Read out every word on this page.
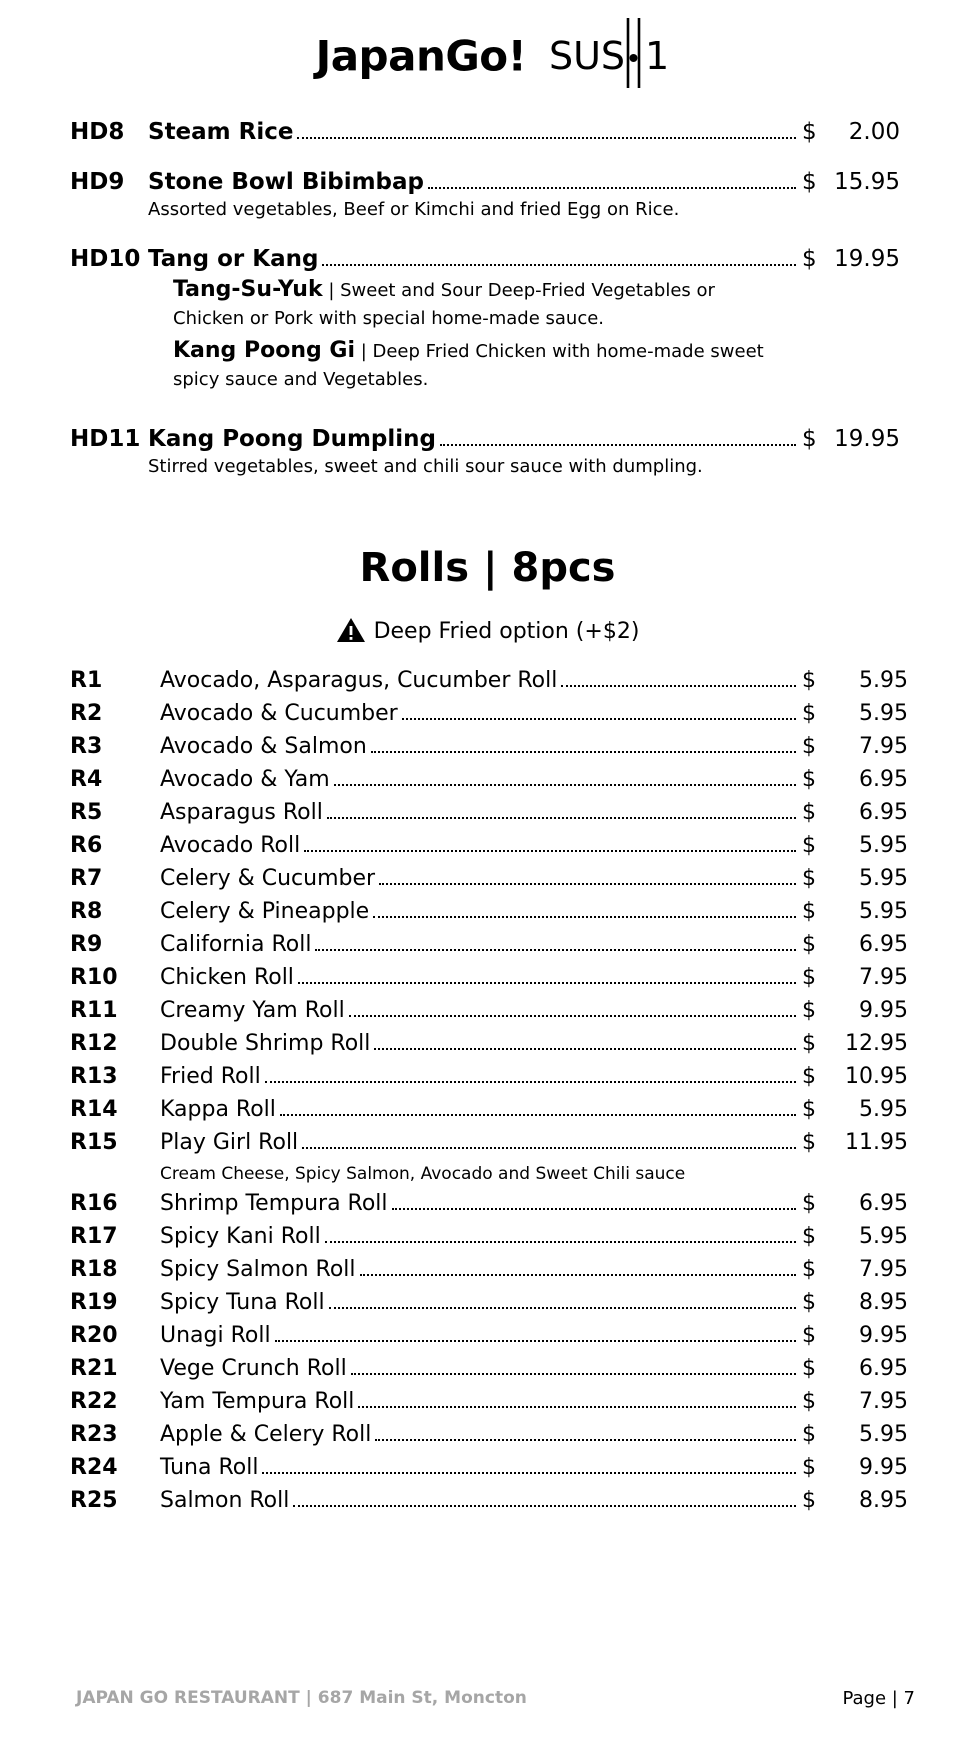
JapanGo! SUS 1
HD8	Steam Rice	$	2.00
HD9	Stone Bowl Bibimbap	$ 15.95
Assorted vegetables, Beef or Kimchi and fried Egg on Rice.
HD10 Tang or Kang	$ 19.95
Tang-Su-Yuk | Sweet and Sour Deep-Fried Vegetables or Chicken or Pork with special home-made sauce.
Kang Poong Gi | Deep Fried Chicken with home-made sweet spicy sauce and Vegetables.
HD11 Kang Poong Dumpling	$ 19.95
Stirred vegetables, sweet and chili sour sauce with dumpling.
Rolls | 8pcs
Deep Fried option (+$2)
R1	Avocado, Asparagus, Cucumber Roll	$	5.95
R2	Avocado & Cucumber	$	5.95
R3	Avocado & Salmon	$	7.95
R4	Avocado & Yam	$	6.95
R5	Asparagus Roll	$	6.95
R6	Avocado Roll	$	5.95
R7	Celery & Cucumber	$	5.95
R8	Celery & Pineapple	$	5.95
R9	California Roll	$	6.95
R10	Chicken Roll	$	7.95
R11	Creamy Yam Roll	$	9.95
R12	Double Shrimp Roll	$	12.95
R13	Fried Roll	$	10.95
R14	Kappa Roll	$	5.95
R15	Play Girl Roll	$	11.95
Cream Cheese, Spicy Salmon, Avocado and Sweet Chili sauce
R16	Shrimp Tempura Roll	$	6.95
R17	Spicy Kani Roll	$	5.95
R18	Spicy Salmon Roll	$	7.95
R19	Spicy Tuna Roll	$	8.95
R20	Unagi Roll	$	9.95
R21	Vege Crunch Roll	$	6.95
R22	Yam Tempura Roll	$	7.95
R23	Apple & Celery Roll	$	5.95
R24	Tuna Roll	$	9.95
R25	Salmon Roll	$	8.95
JAPAN GO RESTAURANT | 687 Main St, Moncton	Page | 7
